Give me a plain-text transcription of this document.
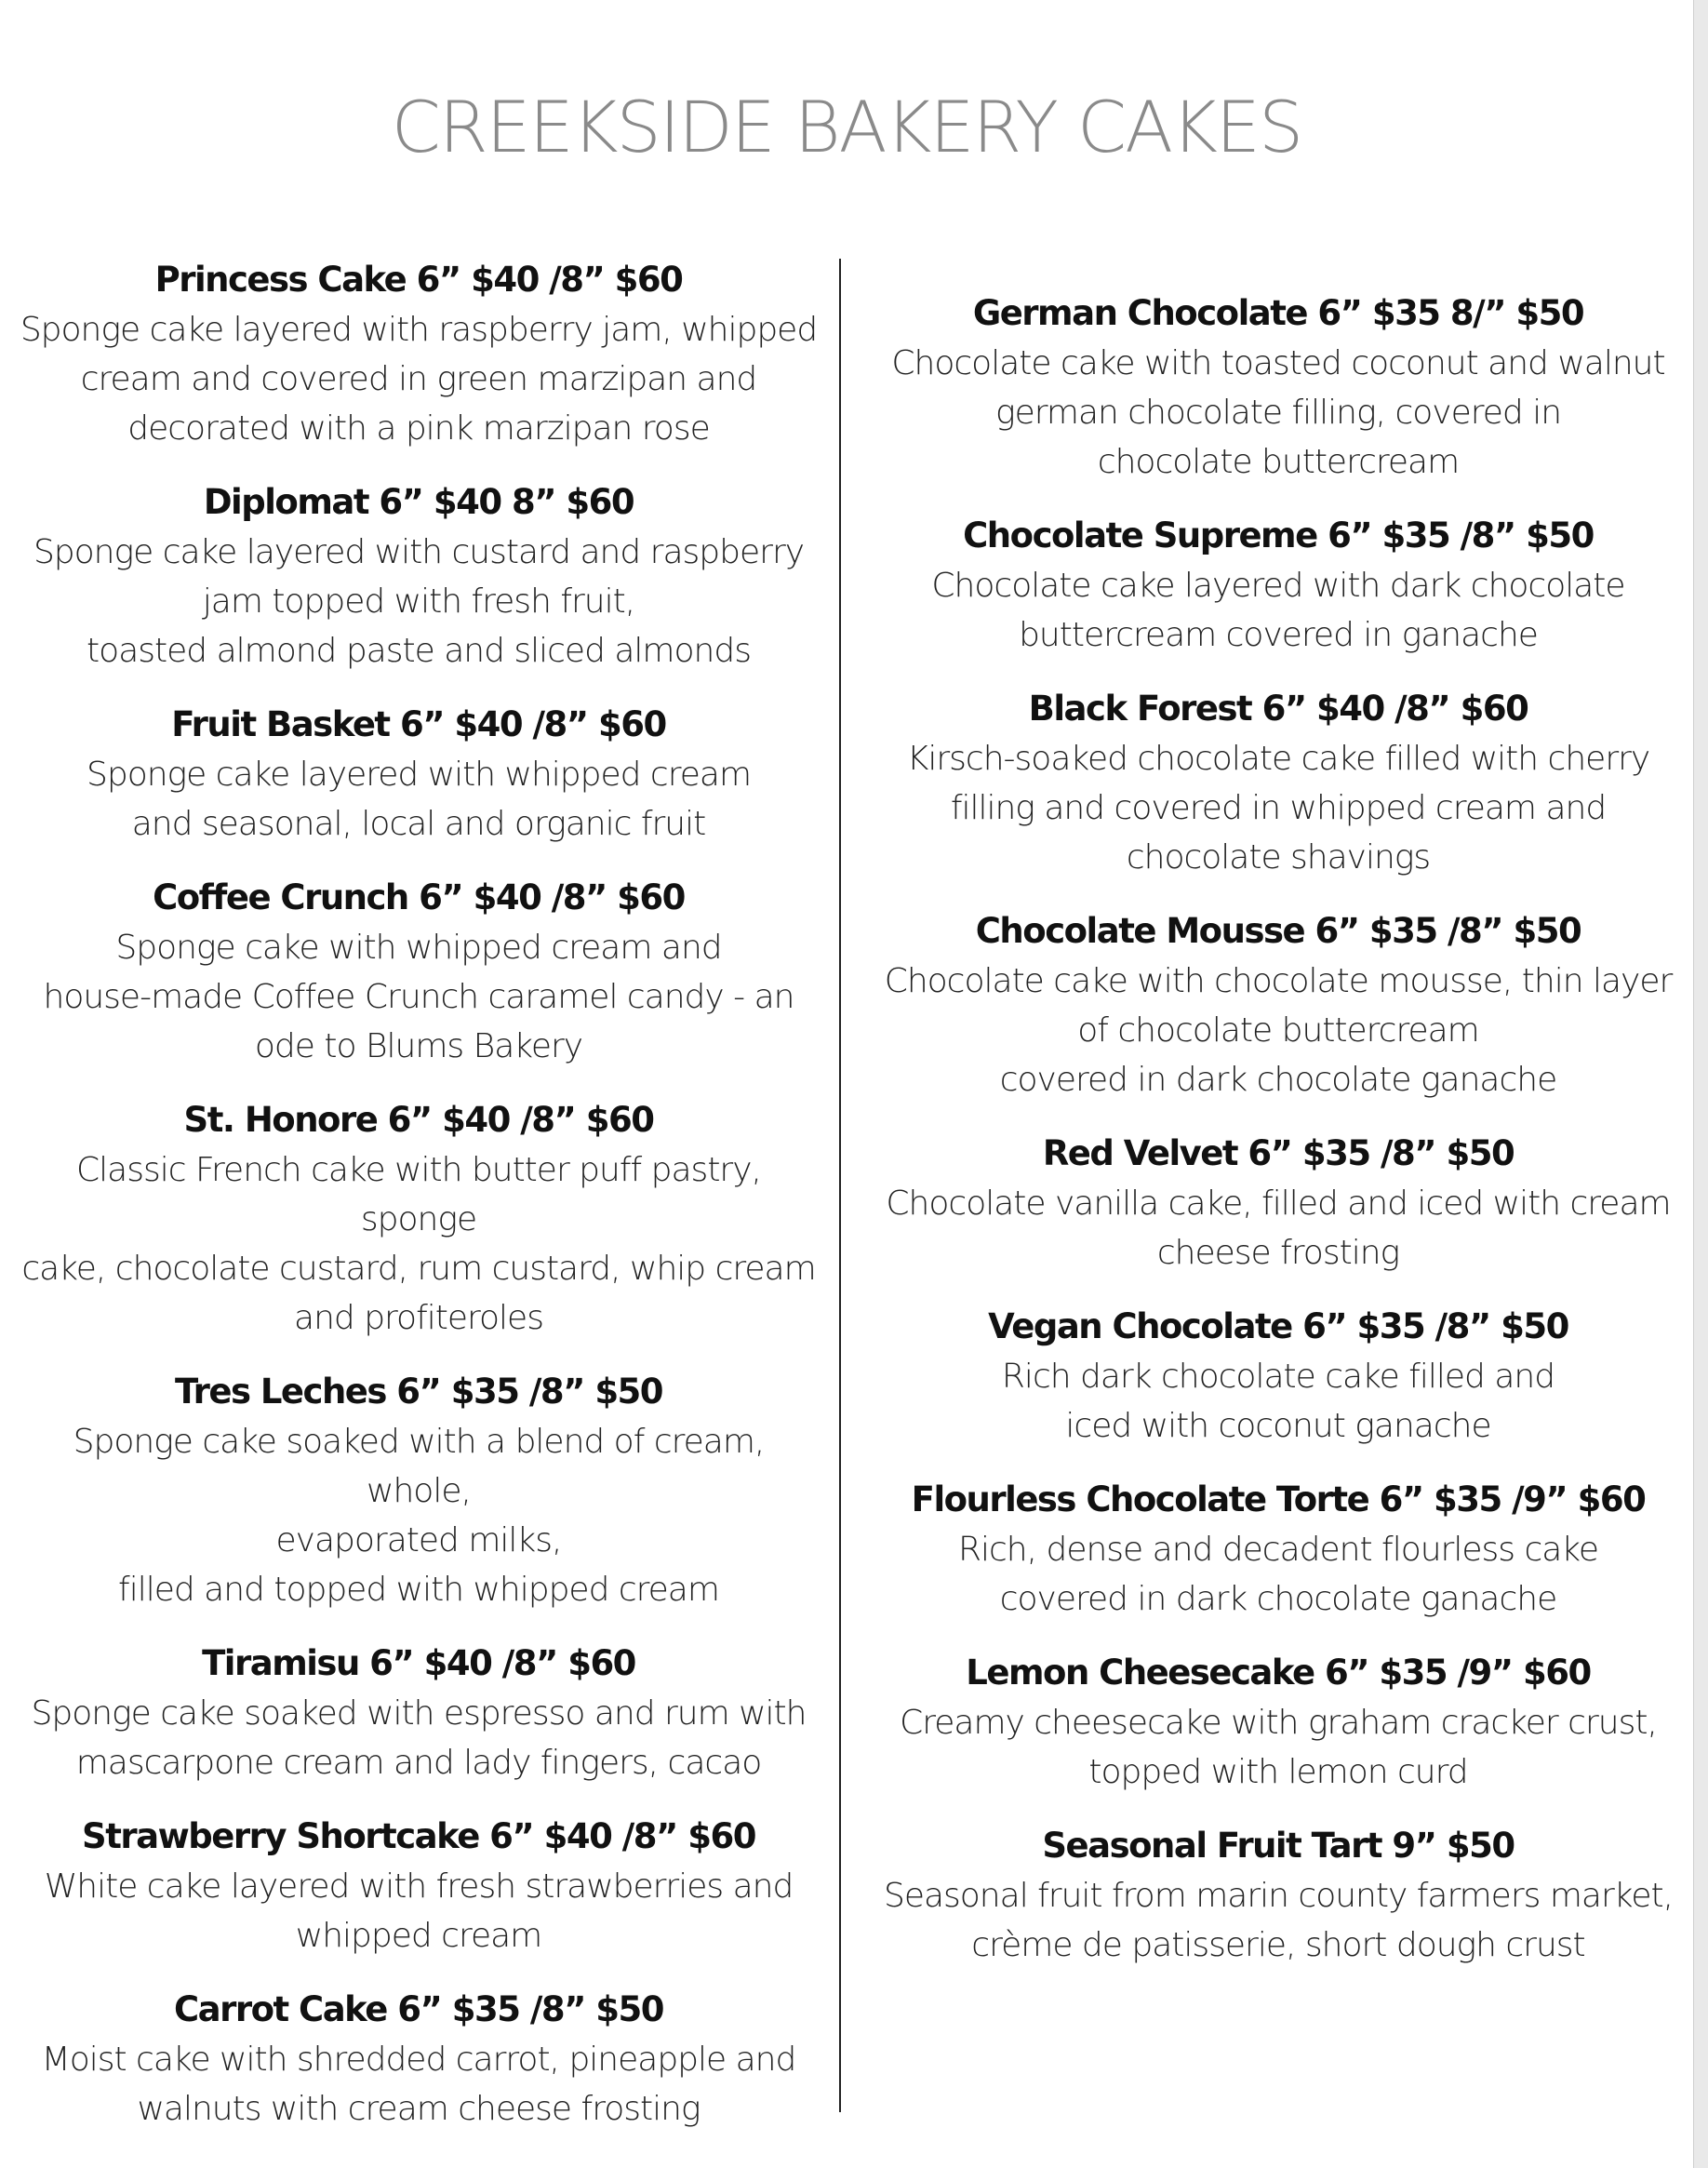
CREEKSIDE BAKERY CAKES

Princess Cake 6” $40 /8” $60

Sponge cake layered with raspberry jam, whipped
cream and covered in green marzipan and
decorated with a pink marzipan rose

Diplomat 6” $40 8” $60

Sponge cake layered with custard and raspberry
jam topped with fresh fruit,
toasted almond paste and sliced almonds

Fruit Basket 6” $40 /8” $60

Sponge cake layered with whipped cream
and seasonal, local and organic fruit

Coffee Crunch 6” $40 /8” $60

Sponge cake with whipped cream and
house-made Coffee Crunch caramel candy - an
ode to Blums Bakery

St. Honore 6” $40 /8” $60

Classic French cake with butter puff pastry, sponge
cake, chocolate custard, rum custard, whip cream
and profiteroles

Tres Leches 6” $35 /8” $50

Sponge cake soaked with a blend of cream, whole,
evaporated milks,
filled and topped with whipped cream

Tiramisu 6” $40 /8” $60

Sponge cake soaked with espresso and rum with
mascarpone cream and lady fingers, cacao

Strawberry Shortcake 6” $40 /8” $60

White cake layered with fresh strawberries and
whipped cream

Carrot Cake 6” $35 /8” $50

Moist cake with shredded carrot, pineapple and
walnuts with cream cheese frosting

German Chocolate 6” $35 8/” $50

Chocolate cake with toasted coconut and walnut
german chocolate filling, covered in
chocolate buttercream

Chocolate Supreme 6” $35 /8” $50

Chocolate cake layered with dark chocolate
buttercream covered in ganache

Black Forest 6” $40 /8” $60

Kirsch-soaked chocolate cake filled with cherry
filling and covered in whipped cream and
chocolate shavings

Chocolate Mousse 6” $35 /8” $50

Chocolate cake with chocolate mousse, thin layer
of chocolate buttercream
covered in dark chocolate ganache

Red Velvet 6” $35 /8” $50

Chocolate vanilla cake, filled and iced with cream
cheese frosting

Vegan Chocolate 6” $35 /8” $50

Rich dark chocolate cake filled and
iced with coconut ganache

Flourless Chocolate Torte 6” $35 /9” $60

Rich, dense and decadent flourless cake
covered in dark chocolate ganache

Lemon Cheesecake 6” $35 /9” $60

Creamy cheesecake with graham cracker crust,
topped with lemon curd

Seasonal Fruit Tart 9” $50

Seasonal fruit from marin county farmers market,
crème de patisserie, short dough crust
